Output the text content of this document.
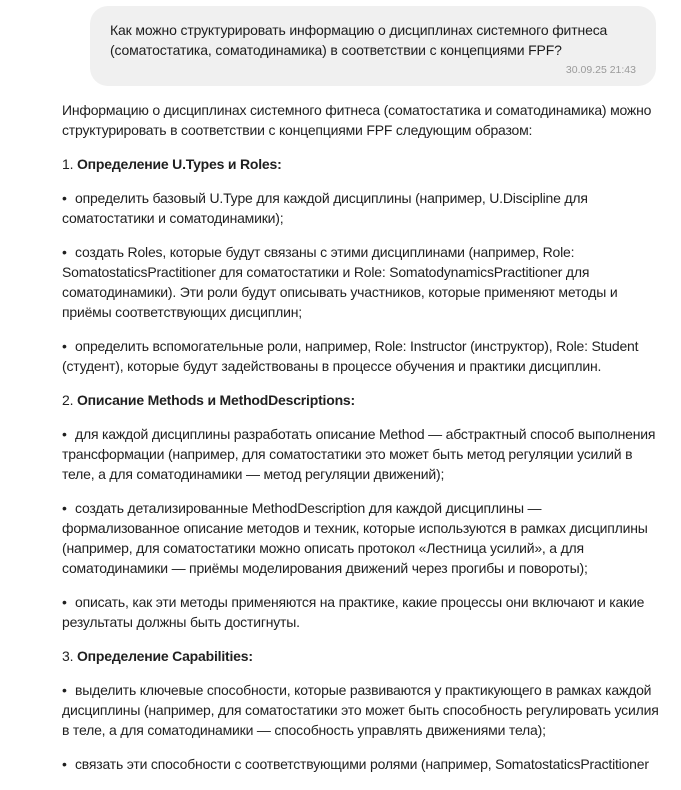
Как можно структурировать информацию о дисциплинах системного фитнеса (соматостатика, соматодинамика) в соответствии с концепциями FPF?
30.09.25 21:43

Информацию о дисциплинах системного фитнеса (соматостатика и соматодинамика) можно структурировать в соответствии с концепциями FPF следующим образом:

1. Определение U.Types и Roles:
• определить базовый U.Type для каждой дисциплины (например, U.Discipline для соматостатики и соматодинамики);
• создать Roles, которые будут связаны с этими дисциплинами (например, Role: SomatostaticsPractitioner для соматостатики и Role: SomatodynamicsPractitioner для соматодинамики). Эти роли будут описывать участников, которые применяют методы и приёмы соответствующих дисциплин;
• определить вспомогательные роли, например, Role: Instructor (инструктор), Role: Student (студент), которые будут задействованы в процессе обучения и практики дисциплин.
2. Описание Methods и MethodDescriptions:
• для каждой дисциплины разработать описание Method — абстрактный способ выполнения трансформации (например, для соматостатики это может быть метод регуляции усилий в теле, а для соматодинамики — метод регуляции движений);
• создать детализированные MethodDescription для каждой дисциплины — формализованное описание методов и техник, которые используются в рамках дисциплины (например, для соматостатики можно описать протокол «Лестница усилий», а для соматодинамики — приёмы моделирования движений через прогибы и повороты);
• описать, как эти методы применяются на практике, какие процессы они включают и какие результаты должны быть достигнуты.
3. Определение Capabilities:
• выделить ключевые способности, которые развиваются у практикующего в рамках каждой дисциплины (например, для соматостатики это может быть способность регулировать усилия в теле, а для соматодинамики — способность управлять движениями тела);
• связать эти способности с соответствующими ролями (например, SomatostaticsPractitioner
